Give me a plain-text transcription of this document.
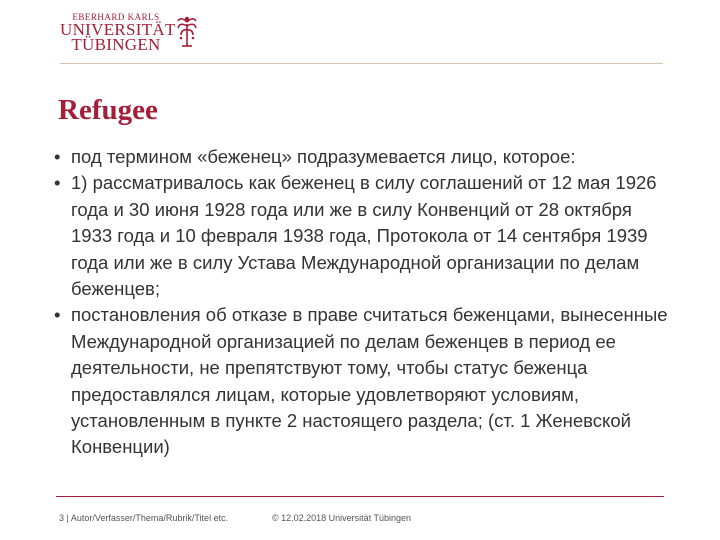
EBERHARD KARLS
UNIVERSITÄT
TÜBINGEN
Refugee
• под термином «беженец» подразумевается лицо, которое:
• 1) рассматривалось как беженец в силу соглашений от 12 мая 1926 года и 30 июня 1928 года или же в силу Конвенций от 28 октября 1933 года и 10 февраля 1938 года, Протокола от 14 сентября 1939 года или же в силу Устава Международной организации по делам беженцев;
• постановления об отказе в праве считаться беженцами, вынесенные Международной организацией по делам беженцев в период ее деятельности, не препятствуют тому, чтобы статус беженца предоставлялся лицам, которые удовлетворяют условиям, установленным в пункте 2 настоящего раздела; (ст. 1 Женевской Конвенции)
3 | Autor/Verfasser/Thema/Rubrik/Titel etc.	© 12.02.2018 Universität Tübingen
